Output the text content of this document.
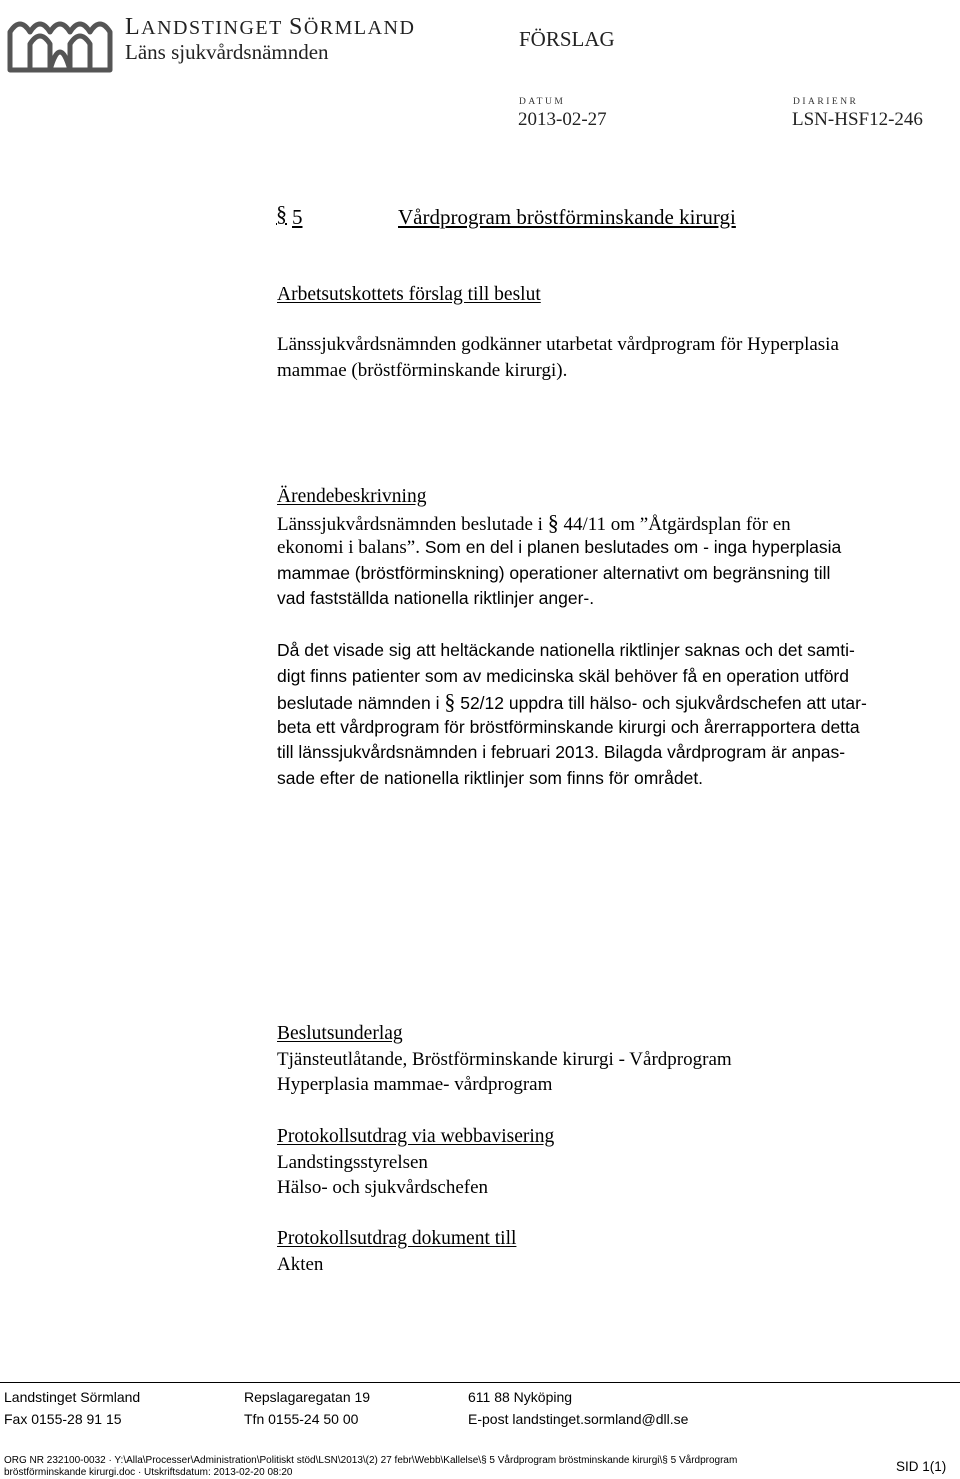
LANDSTINGET SÖRMLAND
Läns sjukvårdsnämnden
FÖRSLAG
DATUM
2013-02-27
DIARIENR
LSN-HSF12-246
§ 5	Vårdprogram bröstförminskande kirurgi
Arbetsutskottets förslag till beslut
Länssjukvårdsnämnden godkänner utarbetat vårdprogram för Hyperplasia
mammae (bröstförminskande kirurgi).
Ärendebeskrivning
Länssjukvårdsnämnden beslutade i § 44/11 om ”Åtgärdsplan för en
ekonomi i balans”. Som en del i planen beslutades om - inga hyperplasia
mammae (bröstförminskning) operationer alternativt om begränsning till
vad fastställda nationella riktlinjer anger-.
Då det visade sig att heltäckande nationella riktlinjer saknas och det samti-
digt finns patienter som av medicinska skäl behöver få en operation utförd
beslutade nämnden i § 52/12 uppdra till hälso- och sjukvårdschefen att utar-
beta ett vårdprogram för bröstförminskande kirurgi och årerrapportera detta
till länssjukvårdsnämnden i februari 2013. Bilagda vårdprogram är anpas-
sade efter de nationella riktlinjer som finns för området.
Beslutsunderlag
Tjänsteutlåtande, Bröstförminskande kirurgi - Vårdprogram
Hyperplasia mammae- vårdprogram
Protokollsutdrag via webbavisering
Landstingsstyrelsen
Hälso- och sjukvårdschefen
Protokollsutdrag dokument till
Akten
Landstinget Sörmland	Repslagaregatan 19	611 88 Nyköping
Fax 0155-28 91 15	Tfn 0155-24 50 00	E-post landstinget.sormland@dll.se
ORG NR 232100-0032 · Y:\Alla\Processer\Administration\Politiskt stöd\LSN\2013\(2) 27 febr\Webb\Kallelse\§ 5 Vårdprogram bröstminskande kirurgi\§ 5 Vårdprogram
bröstförminskande kirurgi.doc · Utskriftsdatum: 2013-02-20 08:20	SID 1(1)
